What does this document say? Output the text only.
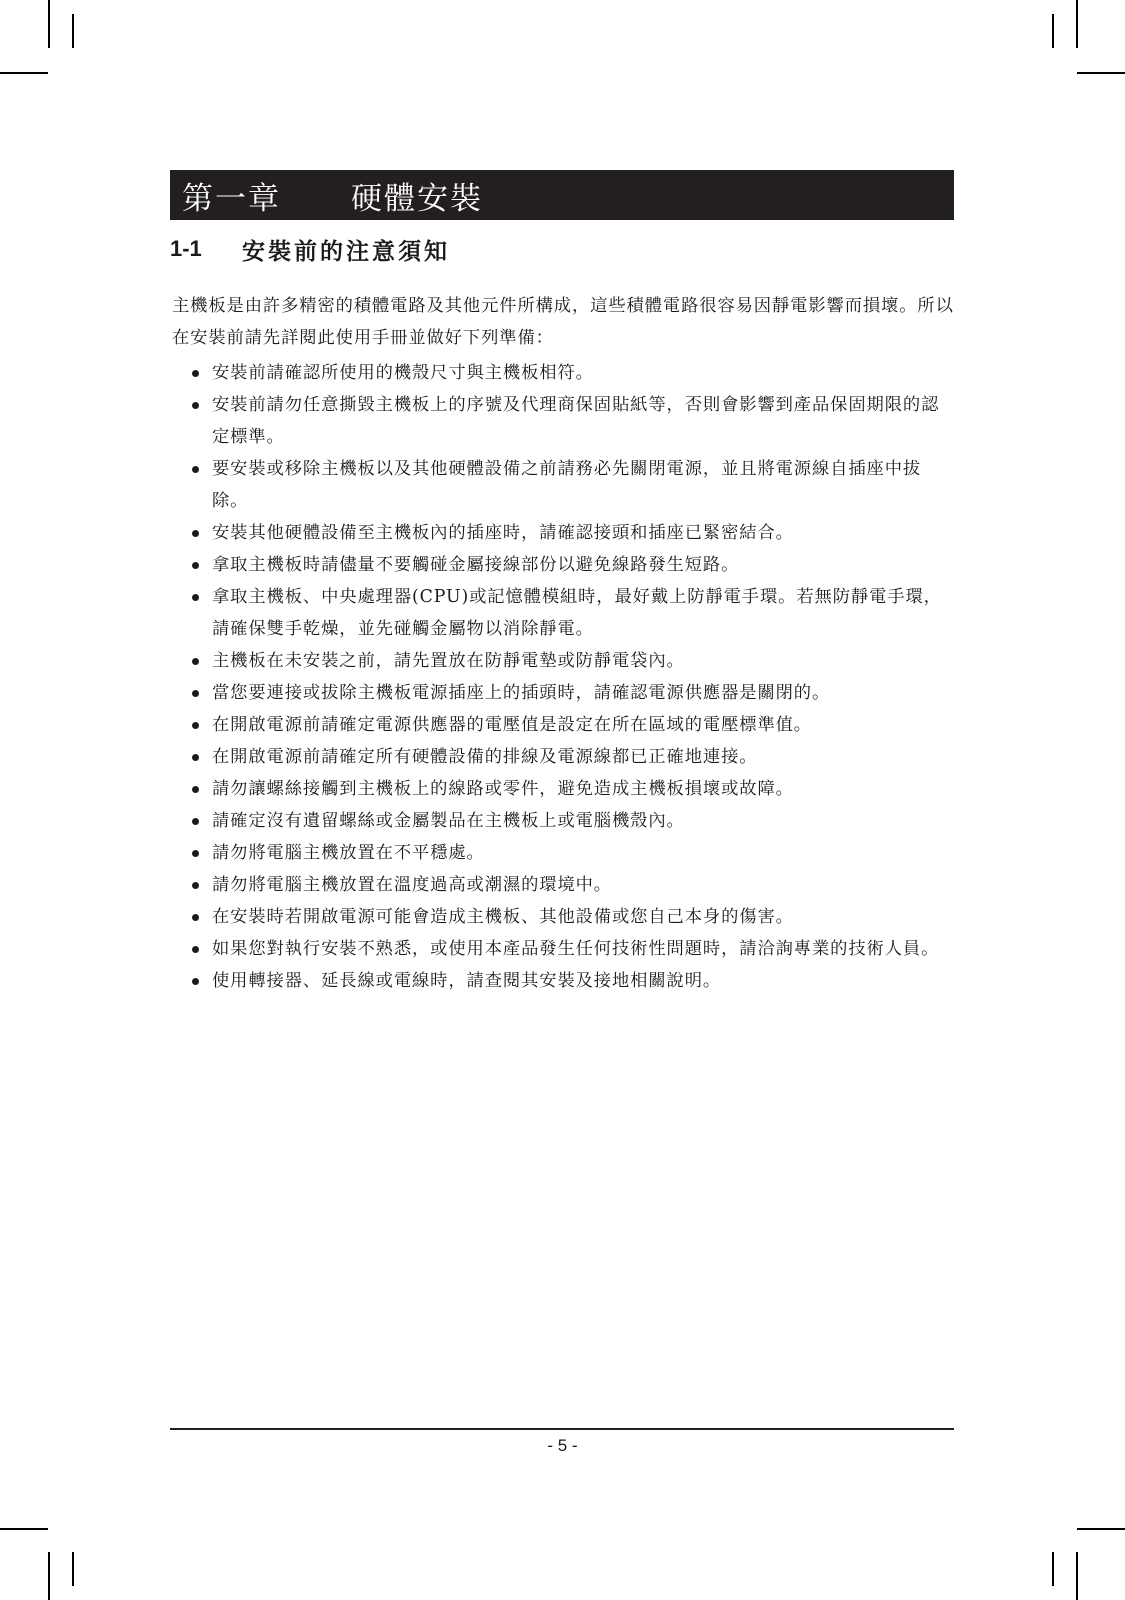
第一章 硬體安裝
1-1	安裝前的注意須知

主機板是由許多精密的積體電路及其他元件所構成，這些積體電路很容易因靜電影響而損壞。所以在安裝前請先詳閱此使用手冊並做好下列準備：

安裝前請確認所使用的機殼尺寸與主機板相符。
安裝前請勿任意撕毀主機板上的序號及代理商保固貼紙等，否則會影響到產品保固期限的認定標準。
要安裝或移除主機板以及其他硬體設備之前請務必先關閉電源，並且將電源線自插座中拔除。
安裝其他硬體設備至主機板內的插座時，請確認接頭和插座已緊密結合。
拿取主機板時請儘量不要觸碰金屬接線部份以避免線路發生短路。
拿取主機板、中央處理器(CPU)或記憶體模組時，最好戴上防靜電手環。若無防靜電手環，請確保雙手乾燥，並先碰觸金屬物以消除靜電。
主機板在未安裝之前，請先置放在防靜電墊或防靜電袋內。
當您要連接或拔除主機板電源插座上的插頭時，請確認電源供應器是關閉的。
在開啟電源前請確定電源供應器的電壓值是設定在所在區域的電壓標準值。
在開啟電源前請確定所有硬體設備的排線及電源線都已正確地連接。
請勿讓螺絲接觸到主機板上的線路或零件，避免造成主機板損壞或故障。
請確定沒有遺留螺絲或金屬製品在主機板上或電腦機殼內。
請勿將電腦主機放置在不平穩處。
請勿將電腦主機放置在溫度過高或潮濕的環境中。
在安裝時若開啟電源可能會造成主機板、其他設備或您自己本身的傷害。
如果您對執行安裝不熟悉，或使用本產品發生任何技術性問題時，請洽詢專業的技術人員。
使用轉接器、延長線或電線時，請查閱其安裝及接地相關說明。
- 5 -
